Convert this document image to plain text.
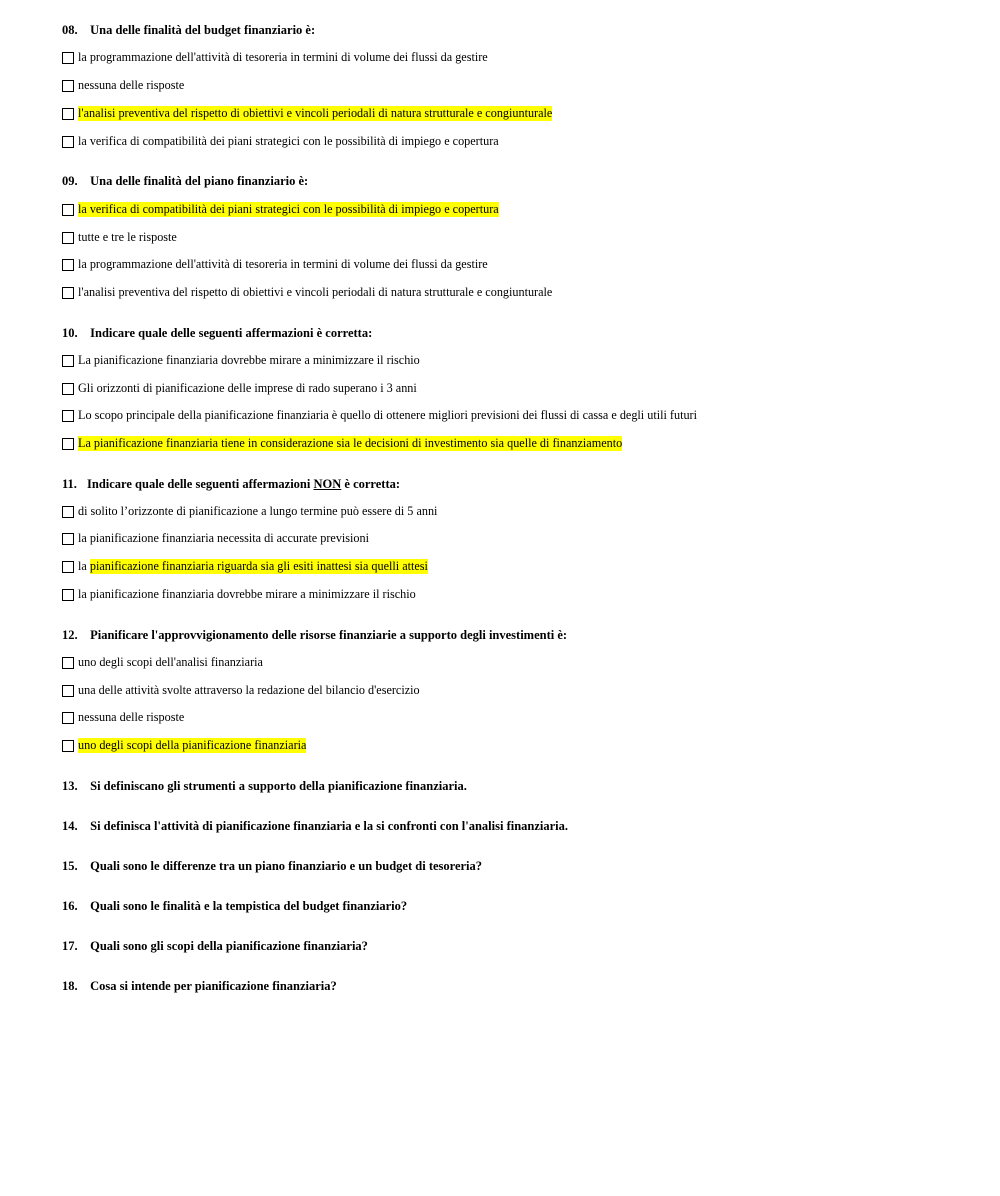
08. Una delle finalità del budget finanziario è:
la programmazione dell'attività di tesoreria in termini di volume dei flussi da gestire
nessuna delle risposte
l'analisi preventiva del rispetto di obiettivi e vincoli periodali di natura strutturale e congiunturale
la verifica di compatibilità dei piani strategici con le possibilità di impiego e copertura
09. Una delle finalità del piano finanziario è:
la verifica di compatibilità dei piani strategici con le possibilità di impiego e copertura
tutte e tre le risposte
la programmazione dell'attività di tesoreria in termini di volume dei flussi da gestire
l'analisi preventiva del rispetto di obiettivi e vincoli periodali di natura strutturale e congiunturale
10. Indicare quale delle seguenti affermazioni è corretta:
La pianificazione finanziaria dovrebbe mirare a minimizzare il rischio
Gli orizzonti di pianificazione delle imprese di rado superano i 3 anni
Lo scopo principale della pianificazione finanziaria è quello di ottenere migliori previsioni dei flussi di cassa e degli utili futuri
La pianificazione finanziaria tiene in considerazione sia le decisioni di investimento sia quelle di finanziamento
11. Indicare quale delle seguenti affermazioni NON è corretta:
di solito l’orizzonte di pianificazione a lungo termine può essere di 5 anni
la pianificazione finanziaria necessita di accurate previsioni
la pianificazione finanziaria riguarda sia gli esiti inattesi sia quelli attesi
la pianificazione finanziaria dovrebbe mirare a minimizzare il rischio
12. Pianificare l'approvvigionamento delle risorse finanziarie a supporto degli investimenti è:
uno degli scopi dell'analisi finanziaria
una delle attività svolte attraverso la redazione del bilancio d'esercizio
nessuna delle risposte
uno degli scopi della pianificazione finanziaria
13. Si definiscano gli strumenti a supporto della pianificazione finanziaria.
14. Si definisca l'attività di pianificazione finanziaria e la si confronti con l'analisi finanziaria.
15. Quali sono le differenze tra un piano finanziario e un budget di tesoreria?
16. Quali sono le finalità e la tempistica del budget finanziario?
17. Quali sono gli scopi della pianificazione finanziaria?
18. Cosa si intende per pianificazione finanziaria?
